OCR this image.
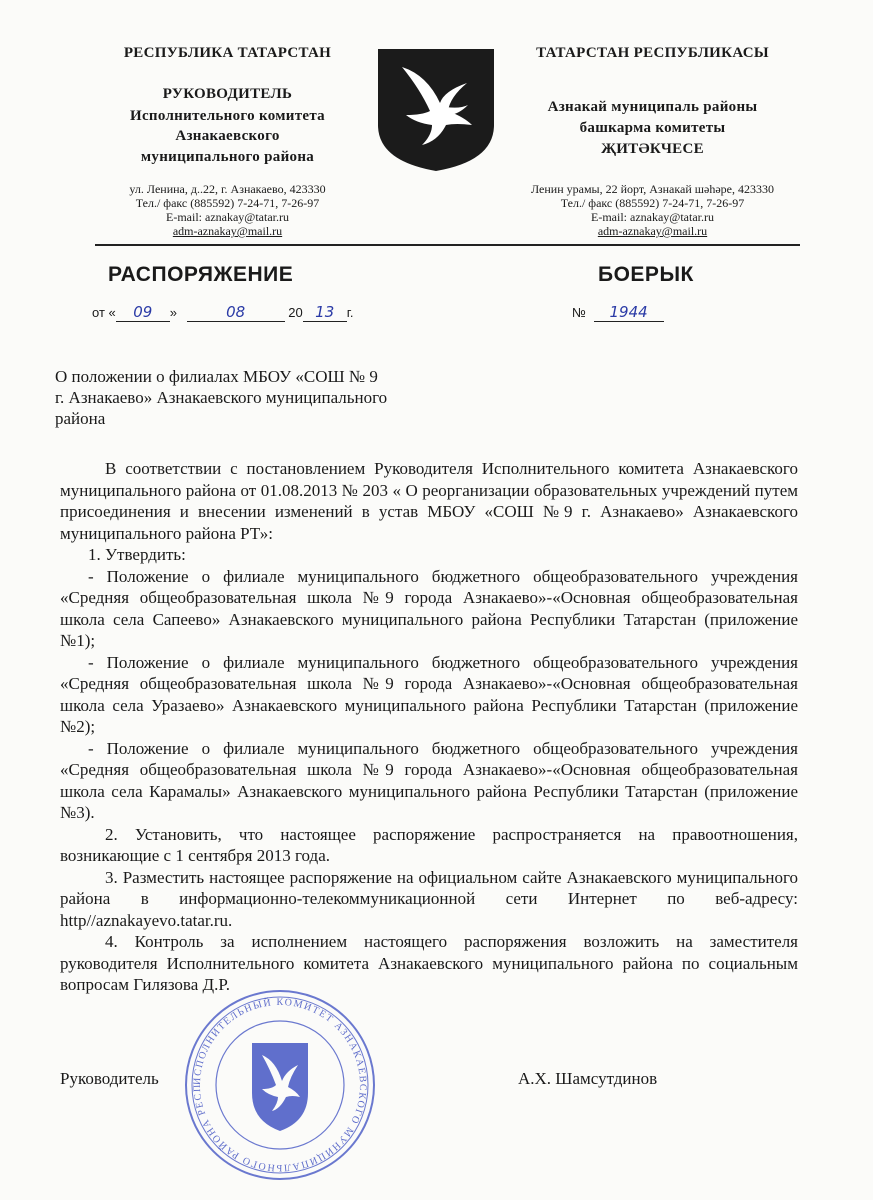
РЕСПУБЛИКА ТАТАРСТАН
РУКОВОДИТЕЛЬ
Исполнительного комитета
Азнакаевского
муниципального района
ул. Ленина, д..22, г. Азнакаево, 423330
Тел./ факс (885592) 7-24-71, 7-26-97
E-mail: aznakay@tatar.ru
adm-aznakay@mail.ru
ТАТАРСТАН РЕСПУБЛИКАСЫ
Азнакай муниципаль районы
башкарма комитеты
ҖИТӘКЧЕСЕ
Ленин урамы, 22 йорт, Азнакай шәһәре, 423330
Тел./ факс (885592) 7-24-71, 7-26-97
E-mail: aznakay@tatar.ru
adm-aznakay@mail.ru
РАСПОРЯЖЕНИЕ	БОЕРЫК
от « 09 »	08	20 13 г.	№ 1944
О положении о филиалах МБОУ «СОШ № 9
г. Азнакаево» Азнакаевского муниципального
района
ИСПОЛНИТЕЛЬНЫЙ КОМИТЕТ АЗНАКАЕВСКОГО МУНИЦИПАЛЬНОГО РАЙОНА РЕСП

В соответствии с постановлением Руководителя Исполнительного комитета Азнакаевского муниципального района от 01.08.2013 № 203 « О реорганизации образовательных учреждений путем присоединения и внесении изменений в устав МБОУ «СОШ №9 г. Азнакаево» Азнакаевского муниципального района РТ»:

1. Утвердить:

- Положение о филиале муниципального бюджетного общеобразовательного учреждения «Средняя общеобразовательная школа №9 города Азнакаево»-«Основная общеобразовательная школа села Сапеево» Азнакаевского муниципального района Республики Татарстан (приложение №1);

- Положение о филиале муниципального бюджетного общеобразовательного учреждения «Средняя общеобразовательная школа №9 города Азнакаево»-«Основная общеобразовательная школа села Уразаево» Азнакаевского муниципального района Республики Татарстан (приложение №2);

- Положение о филиале муниципального бюджетного общеобразовательного учреждения «Средняя общеобразовательная школа №9 города Азнакаево»-«Основная общеобразовательная школа села Карамалы» Азнакаевского муниципального района Республики Татарстан (приложение №3).

2. Установить, что настоящее распоряжение распространяется на правоотношения, возникающие с 1 сентября 2013 года.

3. Разместить настоящее распоряжение на официальном сайте Азнакаевского муниципального района в информационно-телекоммуникационной сети Интернет по веб-адресу: http//aznakayevo.tatar.ru.

4. Контроль за исполнением настоящего распоряжения возложить на заместителя руководителя Исполнительного комитета Азнакаевского муниципального района по социальным вопросам Гилязова Д.Р.

Руководитель	А.Х. Шамсутдинов
